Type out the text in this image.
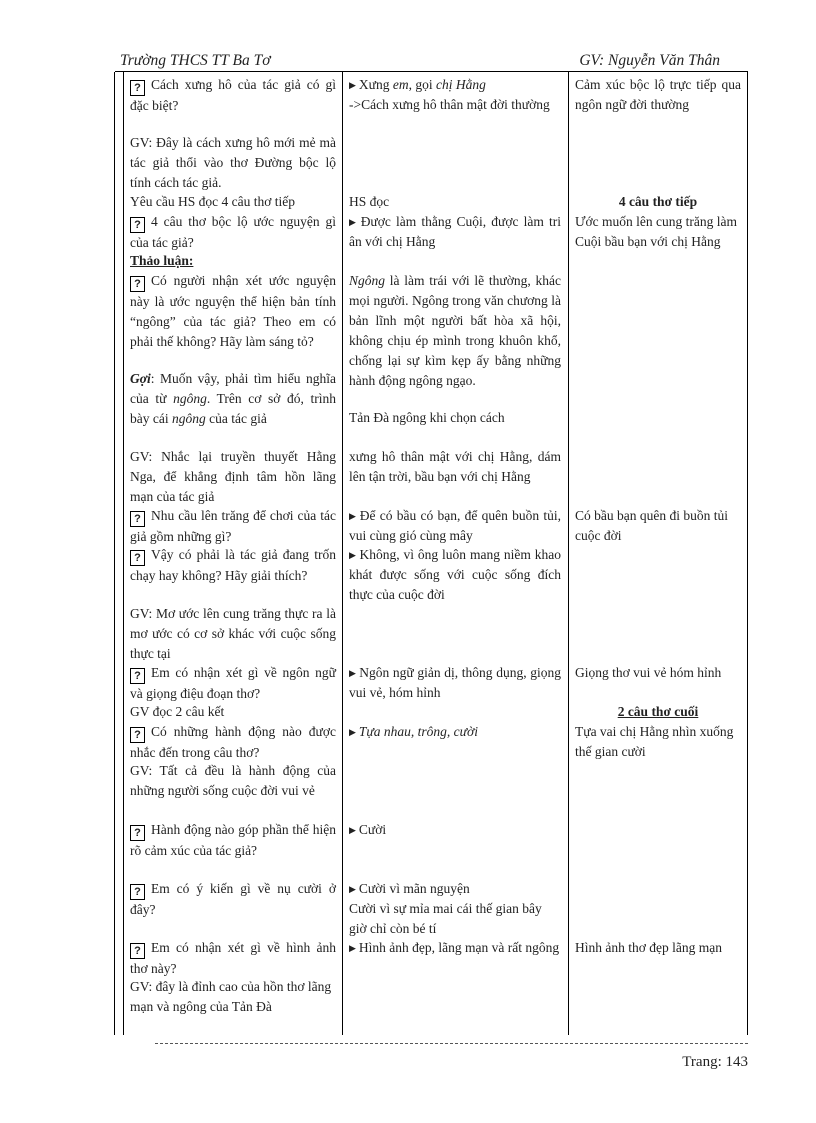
Trường THCS TT Ba Tơ	GV: Nguyễn Văn Thân
? Cách xưng hô của tác giả có gì đặc biệt?
GV: Đây là cách xưng hô mới mẻ mà tác giả thổi vào thơ Đường bộc lộ tính cách tác giả.
Yêu cầu HS đọc 4 câu thơ tiếp
? 4 câu thơ bộc lộ ước nguyện gì của tác giả?
Thảo luận:
? Có người nhận xét ước nguyện này là ước nguyện thể hiện bản tính “ngông” của tác giả? Theo em có phải thế không? Hãy làm sáng tỏ?
Gợi: Muốn vậy, phải tìm hiểu nghĩa của từ ngông. Trên cơ sở đó, trình bày cái ngông của tác giả
GV: Nhắc lại truyền thuyết Hằng Nga, để khẳng định tâm hồn lãng mạn của tác giả
? Nhu cầu lên trăng để chơi của tác giả gồm những gì?
? Vậy có phải là tác giả đang trốn chạy hay không? Hãy giải thích?
GV: Mơ ước lên cung trăng thực ra là mơ ước có cơ sở khác với cuộc sống thực tại
? Em có nhận xét gì về ngôn ngữ và giọng điệu đoạn thơ?
GV đọc 2 câu kết
? Có những hành động nào được nhắc đến trong câu thơ?
GV: Tất cả đều là hành động của những người sống cuộc đời vui vẻ
? Hành động nào góp phần thể hiện rõ cảm xúc của tác giả?
? Em có ý kiến gì về nụ cười ở đây?
? Em có nhận xét gì về hình ảnh thơ này?
GV: đây là đỉnh cao của hồn thơ lãng mạn và ngông của Tản Đà
▶ Xưng em, gọi chị Hằng
->Cách xưng hô thân mật đời thường
HS đọc
▶ Được làm thằng Cuội, được làm tri ân với chị Hằng
Ngông là làm trái với lẽ thường, khác mọi người. Ngông trong văn chương là bản lĩnh một người bất hòa xã hội, không chịu ép mình trong khuôn khổ, chống lại sự kìm kẹp ấy bằng những hành động ngông ngạo.
Tản Đà ngông khi chọn cách
xưng hô thân mật với chị Hằng, dám lên tận trời, bầu bạn với chị Hằng
▶ Để có bầu có bạn, để quên buồn tủi, vui cùng gió cùng mây
▶ Không, vì ông luôn mang niềm khao khát được sống với cuộc sống đích thực của cuộc đời
▶ Ngôn ngữ giản dị, thông dụng, giọng vui vẻ, hóm hỉnh
▶ Tựa nhau, trông, cười
▶ Cười
▶ Cười vì mãn nguyện
Cười vì sự mỉa mai cái thế gian bây giờ chỉ còn bé tí
▶ Hình ảnh đẹp, lãng mạn và rất ngông
Cảm xúc bộc lộ trực tiếp qua ngôn ngữ đời thường
4 câu thơ tiếp
Ước muốn lên cung trăng làm Cuội bầu bạn với chị Hằng
Có bầu bạn quên đi buồn tủi cuộc đời
Giọng thơ vui vẻ hóm hỉnh
2 câu thơ cuối
Tựa vai chị Hằng nhìn xuống thế gian cười
Hình ảnh thơ đẹp lãng mạn
Trang: 143
